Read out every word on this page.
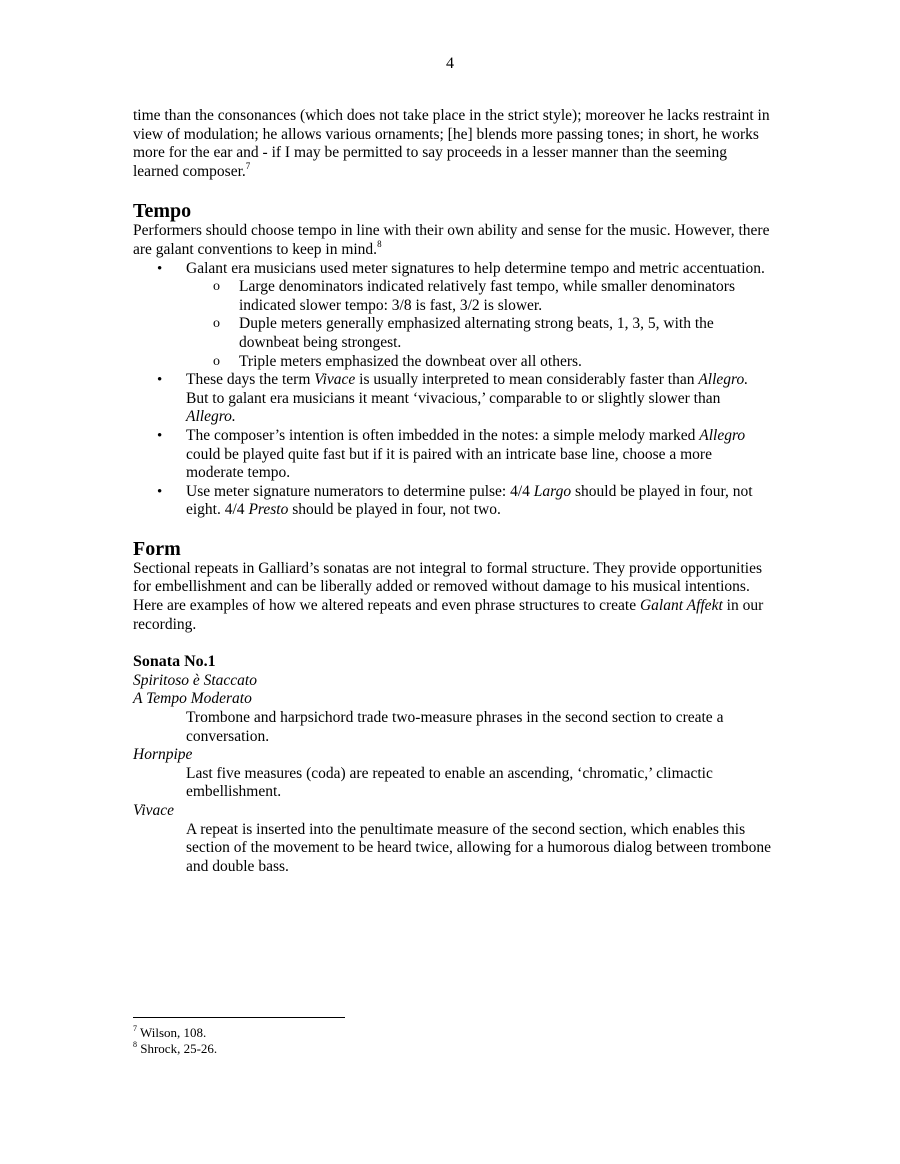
4

time than the consonances (which does not take place in the strict style); moreover he lacks restraint in view of modulation; he allows various ornaments; [he] blends more passing tones; in short, he works more for the ear and - if I may be permitted to say proceeds in a lesser manner than the seeming learned composer.$^7$

Tempo

Performers should choose tempo in line with their own ability and sense for the music. However, there are galant conventions to keep in mind.$^8$

• Galant era musicians used meter signatures to help determine tempo and metric accentuation.
o Large denominators indicated relatively fast tempo, while smaller denominators indicated slower tempo: 3/8 is fast, 3/2 is slower.
o Duple meters generally emphasized alternating strong beats, 1, 3, 5, with the downbeat being strongest.
o Triple meters emphasized the downbeat over all others.
• These days the term Vivace is usually interpreted to mean considerably faster than Allegro. But to galant era musicians it meant ‘vivacious,’ comparable to or slightly slower than Allegro.
• The composer’s intention is often imbedded in the notes: a simple melody marked Allegro could be played quite fast but if it is paired with an intricate base line, choose a more moderate tempo.
• Use meter signature numerators to determine pulse: 4/4 Largo should be played in four, not eight. 4/4 Presto should be played in four, not two.
Form

Sectional repeats in Galliard’s sonatas are not integral to formal structure. They provide opportunities for embellishment and can be liberally added or removed without damage to his musical intentions. Here are examples of how we altered repeats and even phrase structures to create Galant Affekt in our recording.

Sonata No.1
Spiritoso è Staccato
A Tempo Moderato
Trombone and harpsichord trade two-measure phrases in the second section to create a conversation.
Hornpipe
Last five measures (coda) are repeated to enable an ascending, ‘chromatic,’ climactic embellishment.
Vivace
A repeat is inserted into the penultimate measure of the second section, which enables this section of the movement to be heard twice, allowing for a humorous dialog between trombone and double bass.
$^7$ Wilson, 108.
$^8$ Shrock, 25-26.
